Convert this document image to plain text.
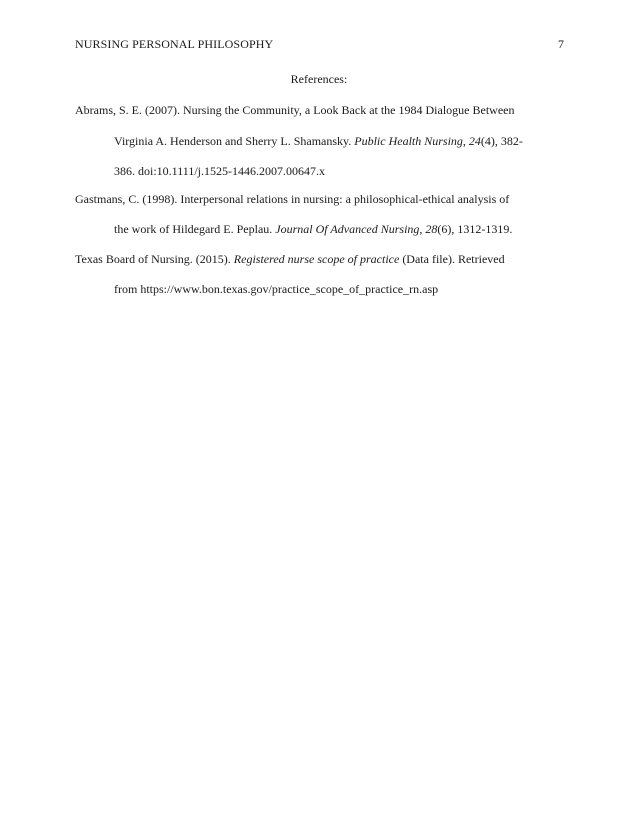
NURSING PERSONAL PHILOSOPHY	7
References:
Abrams, S. E. (2007). Nursing the Community, a Look Back at the 1984 Dialogue Between
Virginia A. Henderson and Sherry L. Shamansky. Public Health Nursing, 24(4), 382-
386. doi:10.1111/j.1525-1446.2007.00647.x
Gastmans, C. (1998). Interpersonal relations in nursing: a philosophical-ethical analysis of
the work of Hildegard E. Peplau. Journal Of Advanced Nursing, 28(6), 1312-1319.
Texas Board of Nursing. (2015). Registered nurse scope of practice (Data file). Retrieved
from https://www.bon.texas.gov/practice_scope_of_practice_rn.asp
